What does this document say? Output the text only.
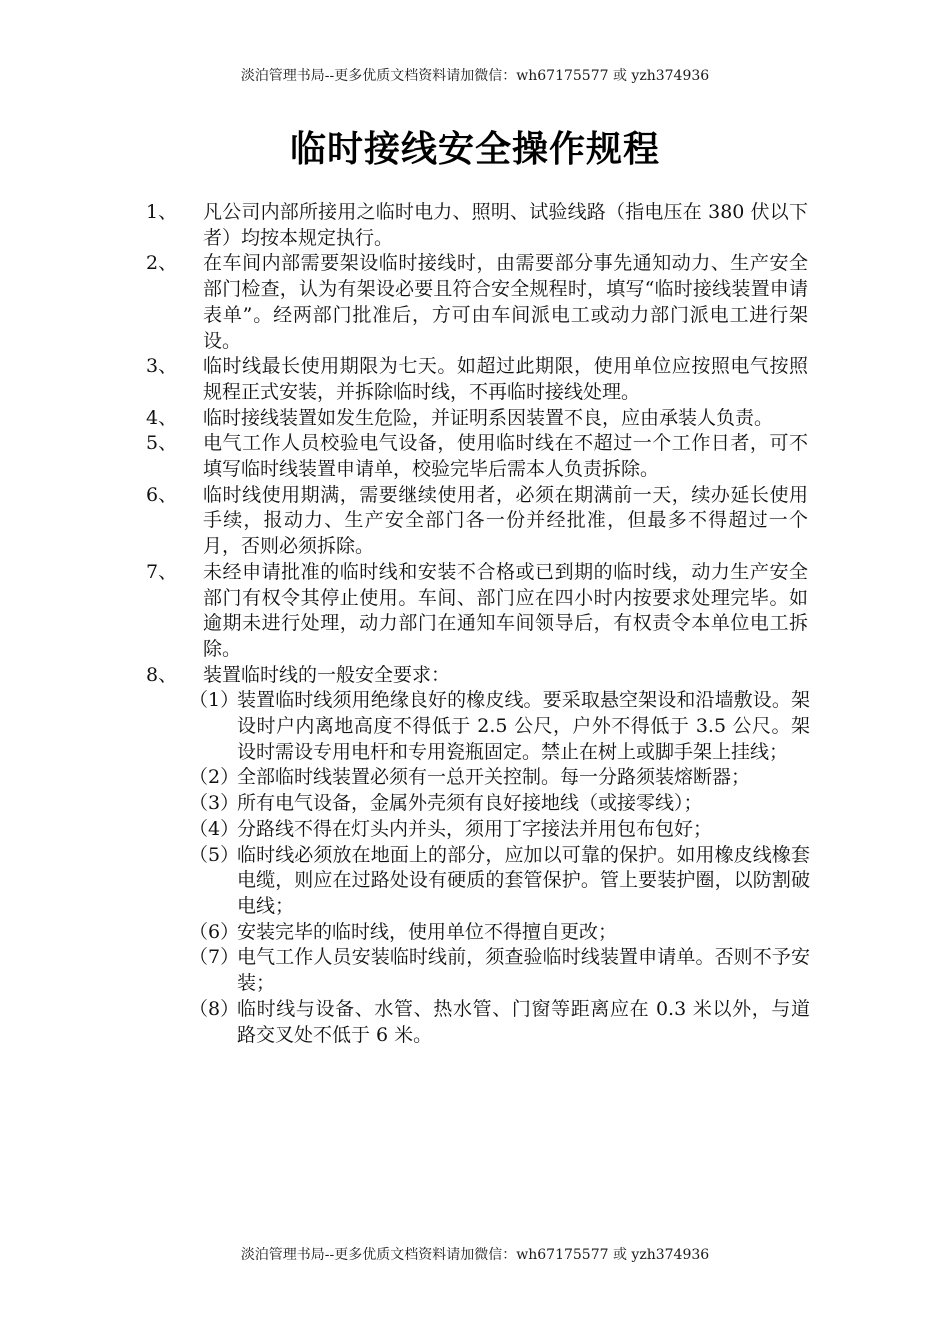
淡泊管理书局--更多优质文档资料请加微信：wh67175577 或 yzh374936
临时接线安全操作规程
1、 凡公司内部所接用之临时电力、照明、试验线路（指电压在 380 伏以下者）均按本规定执行。
2、 在车间内部需要架设临时接线时，由需要部分事先通知动力、生产安全部门检查，认为有架设必要且符合安全规程时，填写“临时接线装置申请表单”。经两部门批准后，方可由车间派电工或动力部门派电工进行架设。
3、 临时线最长使用期限为七天。如超过此期限，使用单位应按照电气按照规程正式安装，并拆除临时线，不再临时接线处理。
4、 临时接线装置如发生危险，并证明系因装置不良，应由承装人负责。
5、 电气工作人员校验电气设备，使用临时线在不超过一个工作日者，可不填写临时线装置申请单，校验完毕后需本人负责拆除。
6、 临时线使用期满，需要继续使用者，必须在期满前一天，续办延长使用手续，报动力、生产安全部门各一份并经批准，但最多不得超过一个月，否则必须拆除。
7、 未经申请批准的临时线和安装不合格或已到期的临时线，动力生产安全部门有权令其停止使用。车间、部门应在四小时内按要求处理完毕。如逾期未进行处理，动力部门在通知车间领导后，有权责令本单位电工拆除。
8、 装置临时线的一般安全要求：
（1）
装置临时线须用绝缘良好的橡皮线。要采取悬空架设和沿墙敷设。架设时户内离地高度不得低于 2.5 公尺，户外不得低于 3.5 公尺。架设时需设专用电杆和专用瓷瓶固定。禁止在树上或脚手架上挂线；
（2）
全部临时线装置必须有一总开关控制。每一分路须装熔断器；
（3）
所有电气设备，金属外壳须有良好接地线（或接零线）；
（4）
分路线不得在灯头内并头，须用丁字接法并用包布包好；
（5）
临时线必须放在地面上的部分，应加以可靠的保护。如用橡皮线橡套电缆，则应在过路处设有硬质的套管保护。管上要装护圈，以防割破电线；
（6）
安装完毕的临时线，使用单位不得擅自更改；
（7）
电气工作人员安装临时线前，须查验临时线装置申请单。否则不予安装；
（8）
临时线与设备、水管、热水管、门窗等距离应在 0.3 米以外，与道路交叉处不低于 6 米。
淡泊管理书局--更多优质文档资料请加微信：wh67175577 或 yzh374936
